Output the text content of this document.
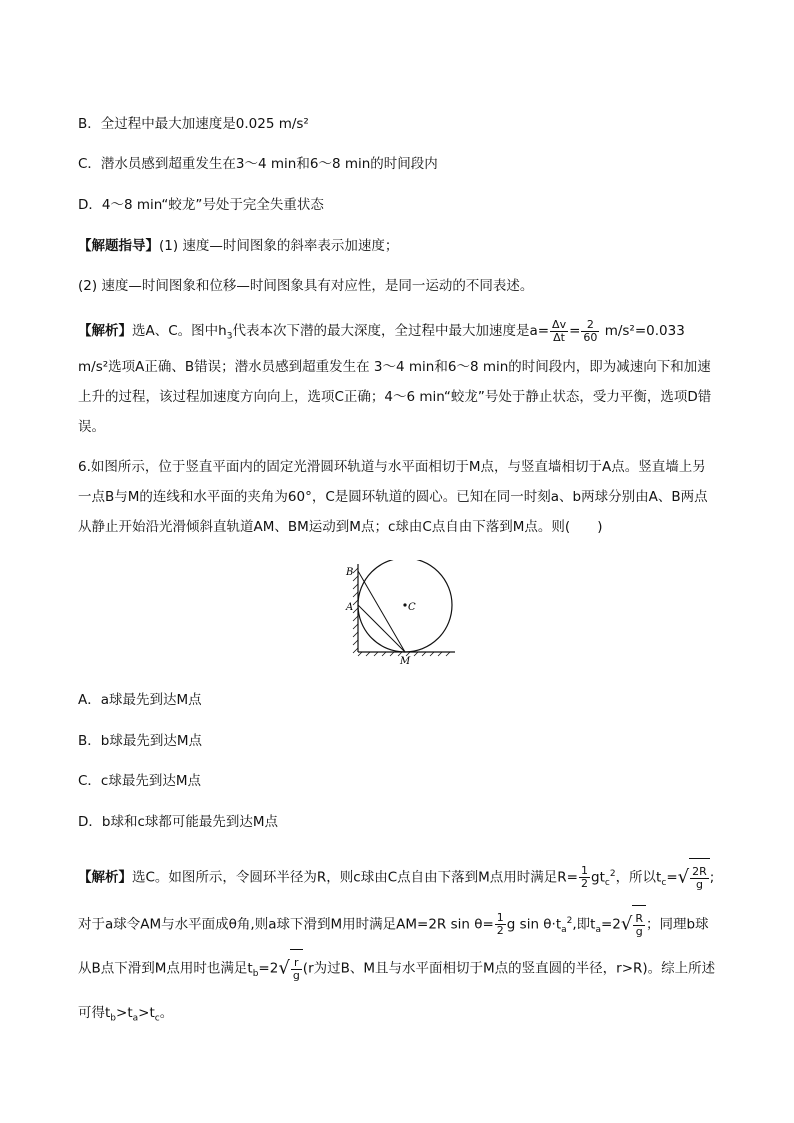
B．全过程中最大加速度是0.025 m/s²
C．潜水员感到超重发生在3～4 min和6～8 min的时间段内
D．4～8 min“蛟龙”号处于完全失重状态
【解题指导】(1) 速度—时间图象的斜率表示加速度；
(2) 速度—时间图象和位移—时间图象具有对应性，是同一运动的不同表述。
【解析】选A、C。图中$h_3$代表本次下潜的最大深度，全过程中最大加速度是$a= \frac{\Delta v}{\Delta t} = \frac{2}{60} m/s^2=0.033$ m/s²选项A正确、B错误；潜水员感到超重发生在 3～4 min和6～8 min的时间段内，即为减速向下和加速上升的过程，该过程加速度方向向上，选项C正确；4～6 min“蛟龙”号处于静止状态，受力平衡，选项D错误。
6.如图所示，位于竖直平面内的固定光滑圆环轨道与水平面相切于M点，与竖直墙相切于A点。竖直墙上另一点B与M的连线和水平面的夹角为60°，C是圆环轨道的圆心。已知在同一时刻a、b两球分别由A、B两点从静止开始沿光滑倾斜直轨道AM、BM运动到M点；c球由C点自由下落到M点。则(　　)
B
A	C
M
A．a球最先到达M点
B．b球最先到达M点
C．c球最先到达M点
D．b球和c球都可能最先到达M点
【解析】选C。如图所示，令圆环半径为R，则c球由C点自由下落到M点用时满足$R= \frac{1}{2} gt_c^2$，所以$t_c=√ \frac{2R}{g}$ ;对于a球令AM与水平面成θ角,则a球下滑到M用时满足AM=2R $\sin \theta= \frac{1}{2}$ g $\sin \theta\cdot t_a^2$,即$t_a=2√ \frac{R}{g}$ ；同理b球从B点下滑到M点用时也满足$t_b=2√ \frac{r}{g} (r$为过B、M且与水平面相切于M点的竖直圆的半径，r>R)。综上所述可得$t_b>t_a>t_c$。
